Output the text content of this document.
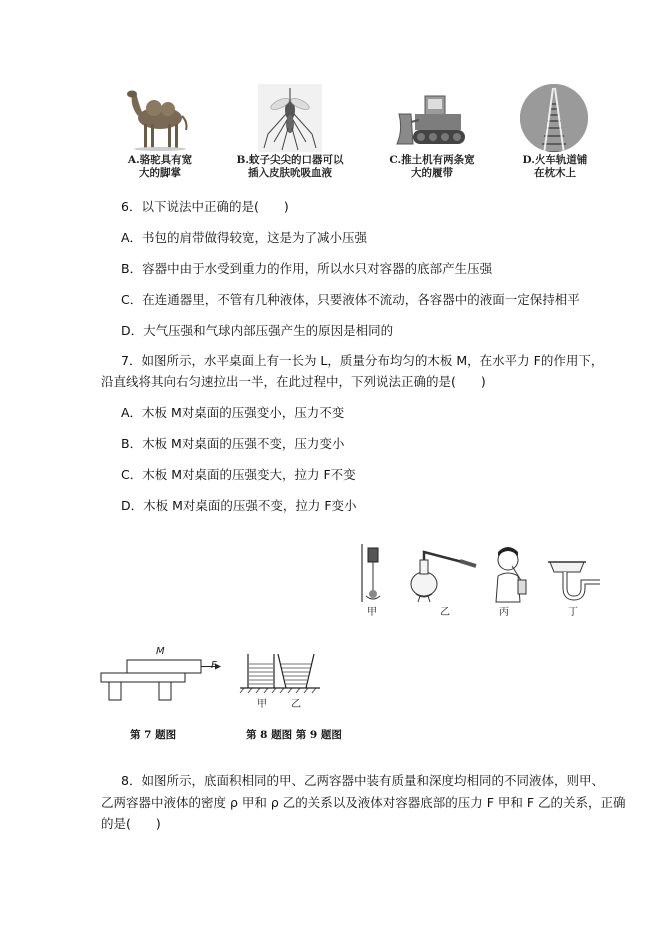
A.骆驼具有宽
大的脚掌
B.蚊子尖尖的口器可以
插入皮肤吮吸血液
C.推土机有两条宽
大的履带
D.火车轨道铺
在枕木上
6．以下说法中正确的是(　　)
A．书包的肩带做得较宽，这是为了减小压强
B．容器中由于水受到重力的作用，所以水只对容器的底部产生压强
C．在连通器里，不管有几种液体，只要液体不流动，各容器中的液面一定保持相平
D．大气压强和气球内部压强产生的原因是相同的
7．如图所示，水平桌面上有一长为 L，质量分布均匀的木板 M，在水平力 F的作用下，
沿直线将其向右匀速拉出一半，在此过程中，下列说法正确的是(　　)
A．木板 M对桌面的压强变小，压力不变
B．木板 M对桌面的压强不变，压力变小
C．木板 M对桌面的压强变大，拉力 F不变
D．木板 M对桌面的压强不变，拉力 F变小
甲	乙	丙	丁
M
F
第 7 题图
甲 乙
第 8 题图 第 9 题图
8．如图所示，底面积相同的甲、乙两容器中装有质量和深度均相同的不同液体，则甲、
乙两容器中液体的密度 ρ 甲和 ρ 乙的关系以及液体对容器底部的压力 F 甲和 F 乙的关系，正确
的是(　　)
